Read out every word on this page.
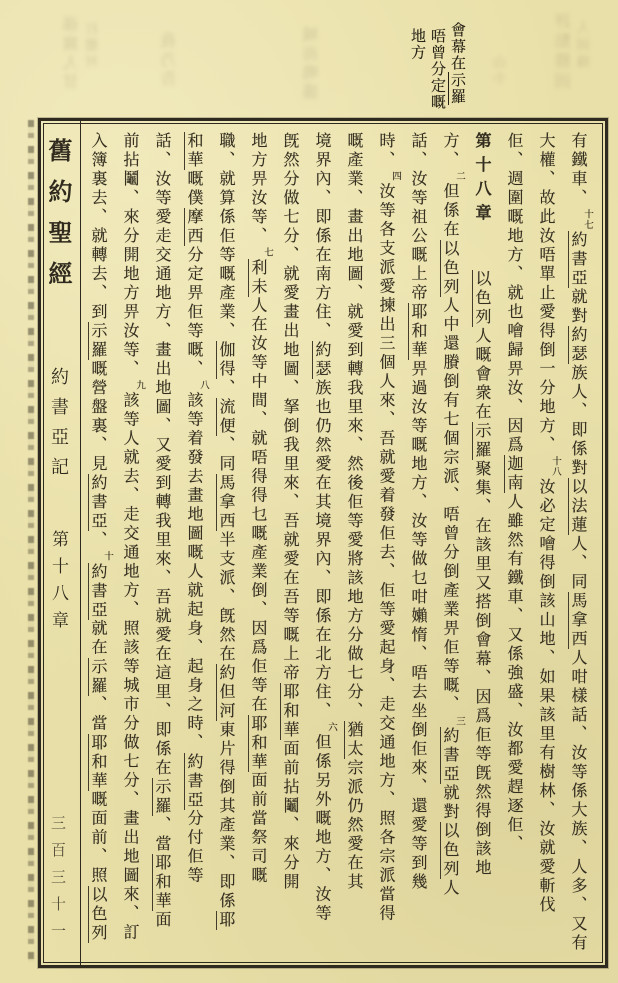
評點勝固 人固緣
城而鳴盛
我乃告
孫窩人甘 打腮衬
山小
會幕在示羅
唔曾分定嘅地方
舊約聖經 約書亞記 第十八章 三百三十一
有鐵車、十七約書亞就對約瑟族人、即係對以法蓮人、同馬拿西人咁樣話、汝等係大族、人多、又有
大權、故此汝唔單止愛得倒一分地方、十八汝必定噲得倒該山地、如果該里有樹林、汝就愛斬伐
佢、週圍嘅地方、就也噲歸畀汝、因爲迦南人雖然有鐵車、又係強盛、汝都愛趕逐佢、
第十八章以色列人嘅會衆在示羅聚集、在該里又搭倒會幕、因爲佢等旣然得倒該地
方、二但係在以色列人中還賸倒有七個宗派、唔曾分倒產業畀佢等嘅、三約書亞就對以色列人
話、汝等祖公嘅上帝耶和華畀過汝等嘅地方、汝等做乜咁嬾惰、唔去坐倒佢來、還愛等到幾
時、四汝等各支派愛揀出三個人來、吾就愛着發佢去、佢等愛起身、走交通地方、照各宗派當得
嘅產業、畫出地圖、就愛到轉我里來、然後佢等愛將該地方分做七分、猶太宗派仍然愛在其
境界內、即係在南方住、約瑟族也仍然愛在其境界內、即係在北方住、六但係另外嘅地方、汝等
旣然分做七分、就愛畫出地圖、拏倒我里來、吾就愛在吾等嘅上帝耶和華面前拈鬮、來分開
地方畀汝等、七利未人在汝等中間、就唔得得乜嘅產業倒、因爲佢等在耶和華面前當祭司嘅
職、就算係佢等嘅產業、伽得、流便、同馬拿西半支派、旣然在約但河東片得倒其產業、即係耶
和華嘅僕摩西分定畀佢等嘅、八該等着發去畫地圖嘅人就起身、起身之時、約書亞分付佢等
話、汝等愛走交通地方、畫出地圖、又愛到轉我里來、吾就愛在這里、即係在示羅、當耶和華面
前拈鬮、來分開地方畀汝等、九該等人就去、走交通地方、照該等城市分做七分、畫出地圖來、訂
入簿裏去、就轉去、到示羅嘅營盤裏、見約書亞、十約書亞就在示羅、當耶和華嘅面前、照以色列
